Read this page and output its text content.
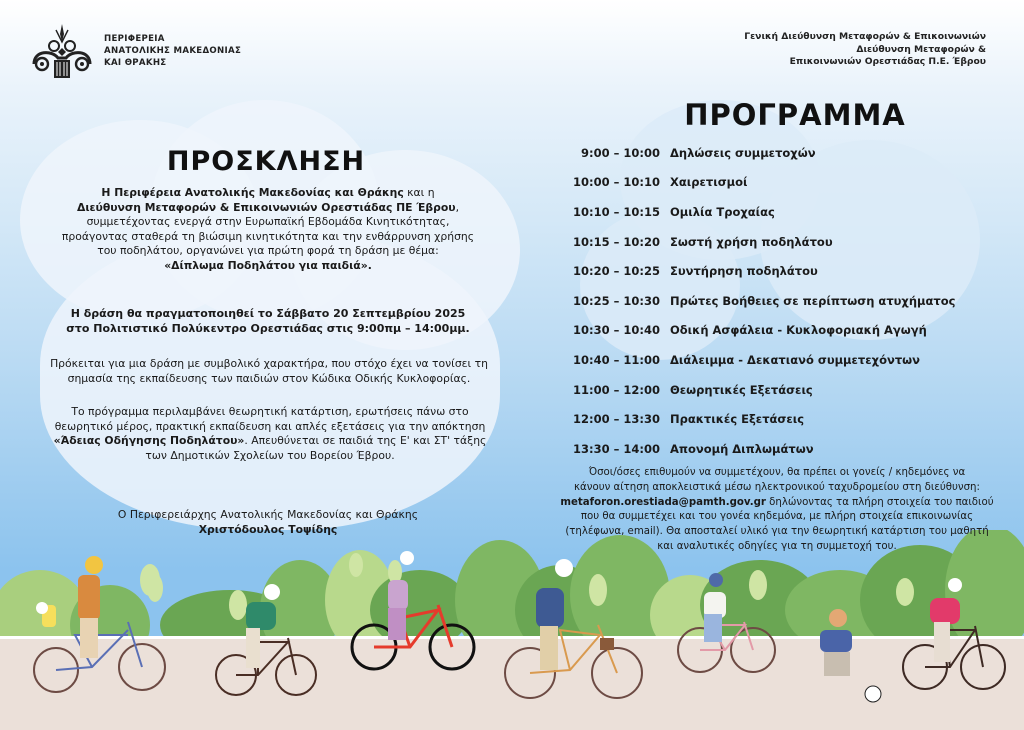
ΠΕΡΙΦΕΡΕΙΑ
ΑΝΑΤΟΛΙΚΗΣ ΜΑΚΕΔΟΝΙΑΣ
ΚΑΙ ΘΡΑΚΗΣ
Γενική Διεύθυνση Μεταφορών & Επικοινωνιών
Διεύθυνση Μεταφορών &
Επικοινωνιών Ορεστιάδας Π.Ε. Έβρου
ΠΡΟΣΚΛΗΣΗ
Η Περιφέρεια Ανατολικής Μακεδονίας και Θράκης και η
Διεύθυνση Μεταφορών & Επικοινωνιών Ορεστιάδας ΠΕ Έβρου,
συμμετέχοντας ενεργά στην Ευρωπαϊκή Εβδομάδα Κινητικότητας,
προάγοντας σταθερά τη βιώσιμη κινητικότητα και την ενθάρρυνση χρήσης
του ποδηλάτου, οργανώνει για πρώτη φορά τη δράση με θέμα:
«Δίπλωμα Ποδηλάτου για παιδιά».
Η δράση θα πραγματοποιηθεί το Σάββατο 20 Σεπτεμβρίου 2025
στο Πολιτιστικό Πολύκεντρο Ορεστιάδας στις 9:00πμ – 14:00μμ.
Πρόκειται για μια δράση με συμβολικό χαρακτήρα, που στόχο έχει να τονίσει τη
σημασία της εκπαίδευσης των παιδιών στον Κώδικα Οδικής Κυκλοφορίας.
Το πρόγραμμα περιλαμβάνει θεωρητική κατάρτιση, ερωτήσεις πάνω στο
θεωρητικό μέρος, πρακτική εκπαίδευση και απλές εξετάσεις για την απόκτηση
«Άδειας Οδήγησης Ποδηλάτου». Απευθύνεται σε παιδιά της Ε' και ΣΤ' τάξης
των Δημοτικών Σχολείων του Βορείου Έβρου.
Ο Περιφερειάρχης Ανατολικής Μακεδονίας και Θράκης
Χριστόδουλος Τοψίδης
ΠΡΟΓΡΑΜΜΑ
9:00 – 10:00 Δηλώσεις συμμετοχών
10:00 – 10:10 Χαιρετισμοί
10:10 – 10:15 Ομιλία Τροχαίας
10:15 – 10:20 Σωστή χρήση ποδηλάτου
10:20 – 10:25 Συντήρηση ποδηλάτου
10:25 – 10:30 Πρώτες Βοήθειες σε περίπτωση ατυχήματος
10:30 – 10:40 Οδική Ασφάλεια - Κυκλοφοριακή Αγωγή
10:40 – 11:00 Διάλειμμα - Δεκατιανό συμμετεχόντων
11:00 – 12:00 Θεωρητικές Εξετάσεις
12:00 – 13:30 Πρακτικές Εξετάσεις
13:30 – 14:00 Απονομή Διπλωμάτων
Όσοι/όσες επιθυμούν να συμμετέχουν, θα πρέπει οι γονείς / κηδεμόνες να
κάνουν αίτηση αποκλειστικά μέσω ηλεκτρονικού ταχυδρομείου στη διεύθυνση:
metaforon.orestiada@pamth.gov.gr δηλώνοντας τα πλήρη στοιχεία του παιδιού
που θα συμμετέχει και του γονέα κηδεμόνα, με πλήρη στοιχεία επικοινωνίας
(τηλέφωνα, email). Θα αποσταλεί υλικό για την θεωρητική κατάρτιση του μαθητή
και αναλυτικές οδηγίες για τη συμμετοχή του.
